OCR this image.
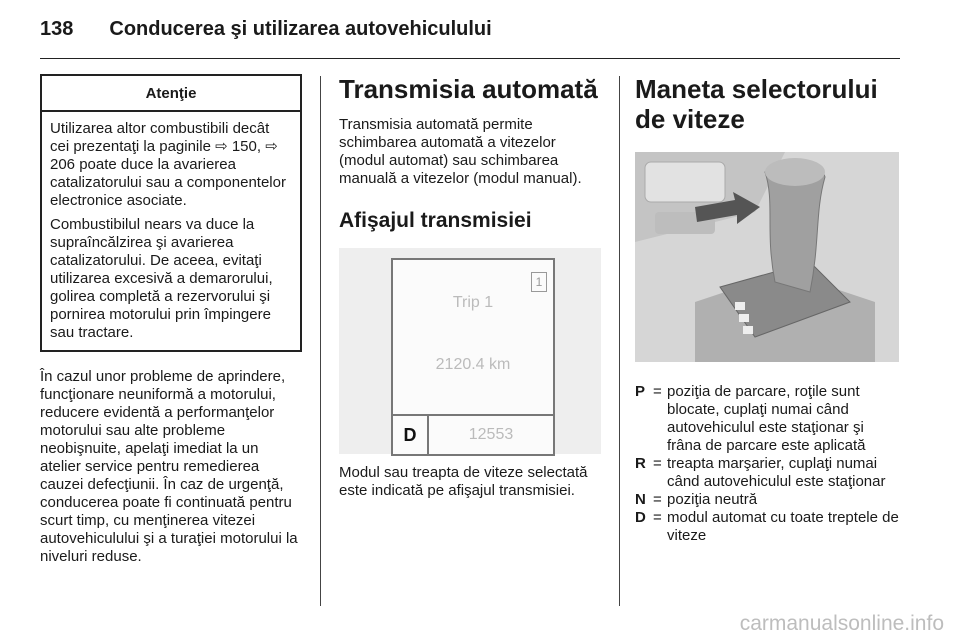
138 Conducerea şi utilizarea autovehiculului
Atenţie

Utilizarea altor combustibili decât cei prezentaţi la paginile ⇨ 150, ⇨ 206 poate duce la avarierea catalizatorului sau a componentelor electronice asociate.

Combustibilul nears va duce la supraîncălzirea şi avarierea catalizatorului. De aceea, evitaţi utilizarea excesivă a demarorului, golirea completă a rezervorului şi pornirea motorului prin împingere sau tractare.

În cazul unor probleme de aprindere, funcţionare neuniformă a motorului, reducere evidentă a performanţelor motorului sau alte probleme neobişnuite, apelaţi imediat la un atelier service pentru remedierea cauzei defecţiunii. În caz de urgenţă, conducerea poate fi continuată pentru scurt timp, cu menţinerea vitezei autovehiculului şi a turaţiei motorului la niveluri reduse.

Transmisia automată

Transmisia automată permite schimbarea automată a vitezelor (modul automat) sau schimbarea manuală a vitezelor (modul manual).

Afişajul transmisiei
1
Trip 1
2120.4 km
D	12553

Modul sau treapta de viteze selectată este indicată pe afişajul transmisiei.

Maneta selectorului de viteze
P = poziţia de parcare, roţile sunt blocate, cuplaţi numai când autovehiculul este staţionar şi frâna de parcare este aplicată
R = treapta marşarier, cuplaţi numai când autovehiculul este staţionar
N = poziţia neutră
D = modul automat cu toate treptele de viteze
carmanualsonline.info
